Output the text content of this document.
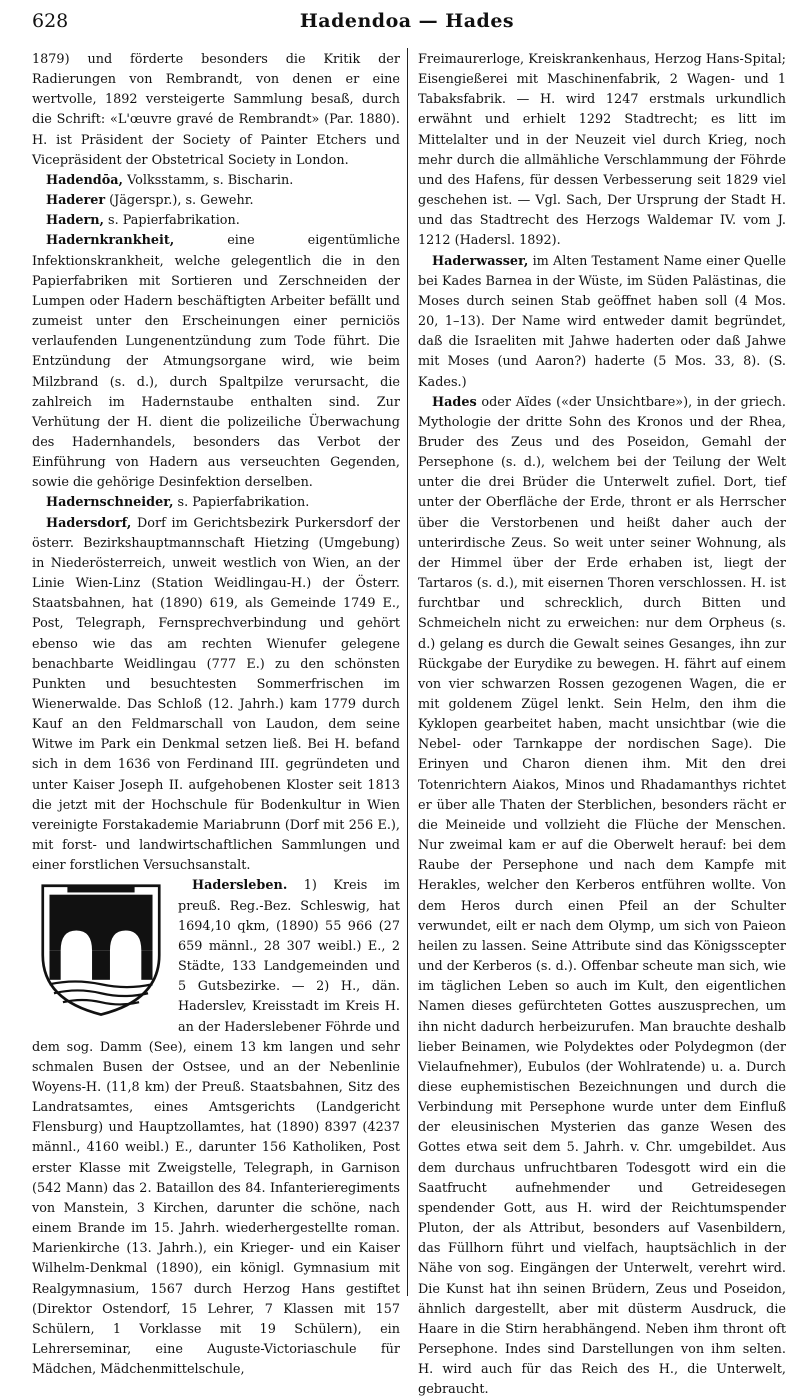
628	Hadendoa — Hades

1879) und förderte besonders die Kritik der Radierungen von Rembrandt, von denen er eine wertvolle, 1892 versteigerte Sammlung besaß, durch die Schrift: «L'œuvre gravé de Rembrandt» (Par. 1880). H. ist Präsident der Society of Painter Etchers und Vicepräsident der Obstetrical Society in London.

Hadendōa, Volksstamm, s. Bischarin.

Haderer (Jägerspr.), s. Gewehr.

Hadern, s. Papierfabrikation.

Hadernkrankheit, eine eigentümliche Infektionskrankheit, welche gelegentlich die in den Papierfabriken mit Sortieren und Zerschneiden der Lumpen oder Hadern beschäftigten Arbeiter befällt und zumeist unter den Erscheinungen einer perniciös verlaufenden Lungenentzündung zum Tode führt. Die Entzündung der Atmungsorgane wird, wie beim Milzbrand (s. d.), durch Spaltpilze verursacht, die zahlreich im Hadernstaube enthalten sind. Zur Verhütung der H. dient die polizeiliche Überwachung des Hadernhandels, besonders das Verbot der Einführung von Hadern aus verseuchten Gegenden, sowie die gehörige Desinfektion derselben.

Hadernschneider, s. Papierfabrikation.

Hadersdorf, Dorf im Gerichtsbezirk Purkersdorf der österr. Bezirkshauptmannschaft Hietzing (Umgebung) in Niederösterreich, unweit westlich von Wien, an der Linie Wien-Linz (Station Weidlingau-H.) der Österr. Staatsbahnen, hat (1890) 619, als Gemeinde 1749 E., Post, Telegraph, Fernsprechverbindung und gehört ebenso wie das am rechten Wienufer gelegene benachbarte Weidlingau (777 E.) zu den schönsten Punkten und besuchtesten Sommerfrischen im Wienerwalde. Das Schloß (12. Jahrh.) kam 1779 durch Kauf an den Feldmarschall von Laudon, dem seine Witwe im Park ein Denkmal setzen ließ. Bei H. befand sich in dem 1636 von Ferdinand III. gegründeten und unter Kaiser Joseph II. aufgehobenen Kloster seit 1813 die jetzt mit der Hochschule für Bodenkultur in Wien vereinigte Forstakademie Mariabrunn (Dorf mit 256 E.), mit forst- und landwirtschaftlichen Sammlungen und einer forstlichen Versuchsanstalt.

Hadersleben.
1) Kreis im preuß. Reg.-Bez. Schleswig, hat 1694,10 qkm, (1890) 55 966 (27 659 männl., 28 307 weibl.) E., 2 Städte, 133 Landgemeinden und 5 Gutsbezirke. — 2) H., dän. Haderslev, Kreisstadt im Kreis H. an der Haderslebener Föhrde und dem sog. Damm (See), einem 13 km langen und sehr schmalen Busen der Ostsee, und an der Nebenlinie Woyens-H. (11,8 km) der Preuß. Staatsbahnen, Sitz des Landratsamtes, eines Amtsgerichts (Landgericht Flensburg) und Hauptzollamtes, hat (1890) 8397 (4237 männl., 4160 weibl.) E., darunter 156 Katholiken, Post erster Klasse mit Zweigstelle, Telegraph, in Garnison (542 Mann) das 2. Bataillon des 84. Infanterieregiments von Manstein, 3 Kirchen, darunter die schöne, nach einem Brande im 15. Jahrh. wiederhergestellte roman. Marienkirche (13. Jahrh.), ein Krieger- und ein Kaiser Wilhelm-Denkmal (1890), ein königl. Gymnasium mit Realgymnasium, 1567 durch Herzog Hans gestiftet (Direktor Ostendorf, 15 Lehrer, 7 Klassen mit 157 Schülern, 1 Vorklasse mit 19 Schülern), ein Lehrerseminar, eine Auguste-Victoriaschule für Mädchen, Mädchenmittelschule,

Freimaurerloge, Kreiskrankenhaus, Herzog Hans-Spital; Eisengießerei mit Maschinenfabrik, 2 Wagen- und 1 Tabaksfabrik. — H. wird 1247 erstmals urkundlich erwähnt und erhielt 1292 Stadtrecht; es litt im Mittelalter und in der Neuzeit viel durch Krieg, noch mehr durch die allmähliche Verschlammung der Föhrde und des Hafens, für dessen Verbesserung seit 1829 viel geschehen ist. — Vgl. Sach, Der Ursprung der Stadt H. und das Stadtrecht des Herzogs Waldemar IV. vom J. 1212 (Hadersl. 1892).

Haderwasser, im Alten Testament Name einer Quelle bei Kades Barnea in der Wüste, im Süden Palästinas, die Moses durch seinen Stab geöffnet haben soll (4 Mos. 20, 1–13). Der Name wird entweder damit begründet, daß die Israeliten mit Jahwe haderten oder daß Jahwe mit Moses (und Aaron?) haderte (5 Mos. 33, 8). (S. Kades.)

Hades oder Aïdes («der Unsichtbare»), in der griech. Mythologie der dritte Sohn des Kronos und der Rhea, Bruder des Zeus und des Poseidon, Gemahl der Persephone (s. d.), welchem bei der Teilung der Welt unter die drei Brüder die Unterwelt zufiel. Dort, tief unter der Oberfläche der Erde, thront er als Herrscher über die Verstorbenen und heißt daher auch der unterirdische Zeus. So weit unter seiner Wohnung, als der Himmel über der Erde erhaben ist, liegt der Tartaros (s. d.), mit eisernen Thoren verschlossen. H. ist furchtbar und schrecklich, durch Bitten und Schmeicheln nicht zu erweichen: nur dem Orpheus (s. d.) gelang es durch die Gewalt seines Gesanges, ihn zur Rückgabe der Eurydike zu bewegen. H. fährt auf einem von vier schwarzen Rossen gezogenen Wagen, die er mit goldenem Zügel lenkt. Sein Helm, den ihm die Kyklopen gearbeitet haben, macht unsichtbar (wie die Nebel- oder Tarnkappe der nordischen Sage). Die Erinyen und Charon dienen ihm. Mit den drei Totenrichtern Aiakos, Minos und Rhadamanthys richtet er über alle Thaten der Sterblichen, besonders rächt er die Meineide und vollzieht die Flüche der Menschen. Nur zweimal kam er auf die Oberwelt herauf: bei dem Raube der Persephone und nach dem Kampfe mit Herakles, welcher den Kerberos entführen wollte. Von dem Heros durch einen Pfeil an der Schulter verwundet, eilt er nach dem Olymp, um sich von Paieon heilen zu lassen. Seine Attribute sind das Königsscepter und der Kerberos (s. d.). Offenbar scheute man sich, wie im täglichen Leben so auch im Kult, den eigentlichen Namen dieses gefürchteten Gottes auszusprechen, um ihn nicht dadurch herbeizurufen. Man brauchte deshalb lieber Beinamen, wie Polydektes oder Polydegmon (der Vielaufnehmer), Eubulos (der Wohlratende) u. a. Durch diese euphemistischen Bezeichnungen und durch die Verbindung mit Persephone wurde unter dem Einfluß der eleusinischen Mysterien das ganze Wesen des Gottes etwa seit dem 5. Jahrh. v. Chr. umgebildet. Aus dem durchaus unfruchtbaren Todesgott wird ein die Saatfrucht aufnehmender und Getreidesegen spendender Gott, aus H. wird der Reichtumspender Pluton, der als Attribut, besonders auf Vasenbildern, das Füllhorn führt und vielfach, hauptsächlich in der Nähe von sog. Eingängen der Unterwelt, verehrt wird. Die Kunst hat ihn seinen Brüdern, Zeus und Poseidon, ähnlich dargestellt, aber mit düsterm Ausdruck, die Haare in die Stirn herabhängend. Neben ihm thront oft Persephone. Indes sind Darstellungen von ihm selten. H. wird auch für das Reich des H., die Unterwelt, gebraucht.
